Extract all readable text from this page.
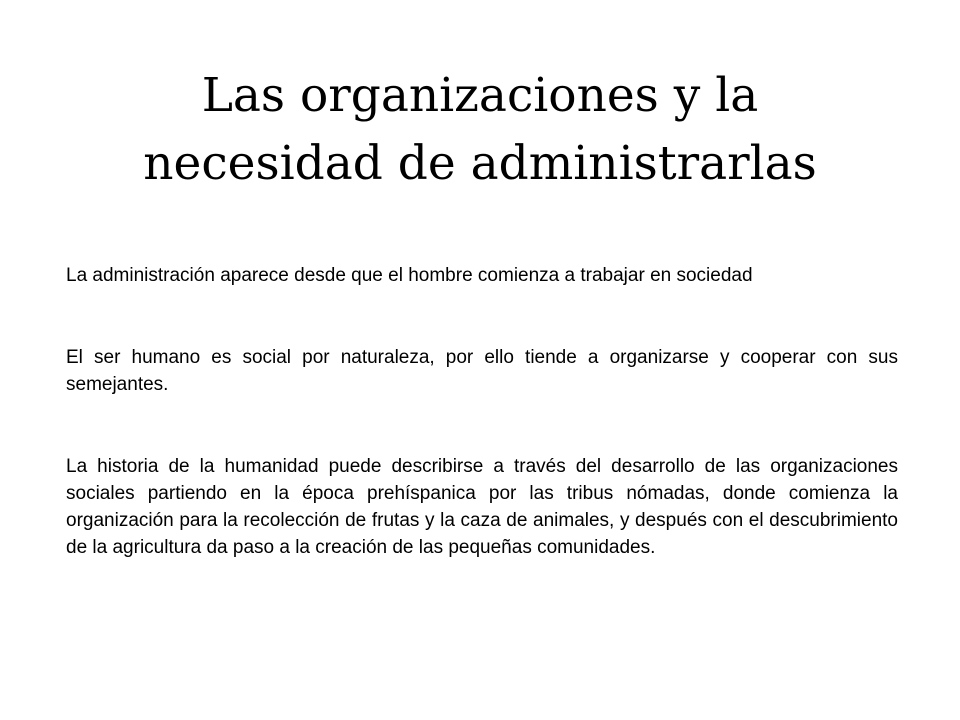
Las organizaciones y la
necesidad de administrarlas

La administración aparece desde que el hombre comienza a trabajar en sociedad

El ser humano es social por naturaleza, por ello tiende a organizarse y cooperar con sus semejantes.

La historia de la humanidad puede describirse a través del desarrollo de las organizaciones sociales partiendo en la época prehíspanica por las tribus nómadas, donde comienza la organización para la recolección de frutas y la caza de animales, y después con el descubrimiento de la agricultura da paso a la creación de las pequeñas comunidades.
